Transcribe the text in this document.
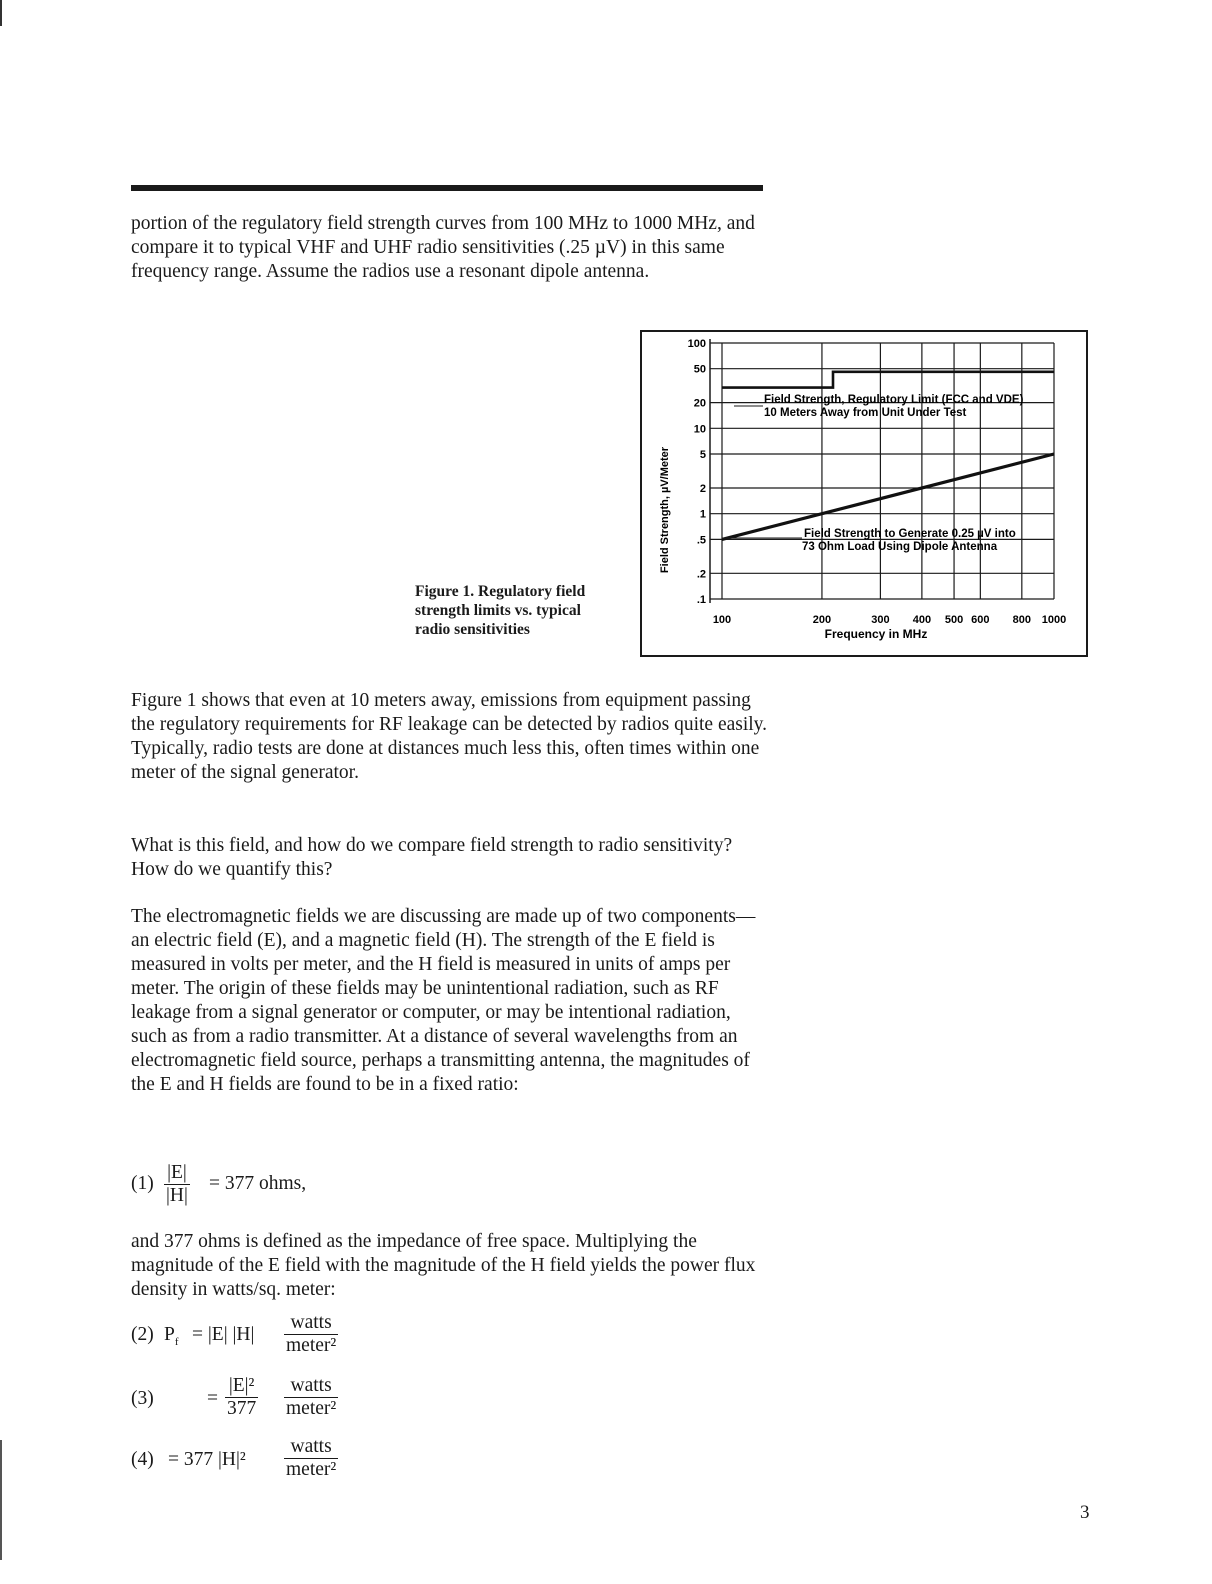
portion of the regulatory field strength curves from 100 MHz to 1000 MHz, and compare it to typical VHF and UHF radio sensitivities (.25 µV) in this same frequency range. Assume the radios use a resonant dipole antenna.

Figure 1. Regulatory field strength limits vs. typical radio sensitivities
100
50
20
10
5
2
1
.5
.2
.1
100	200	300 400 500 600 800 1000
Field Strength, µV/Meter
Frequency in MHz
Field Strength, Regulatory Limit (FCC and VDE)
10 Meters Away from Unit Under Test
Field Strength to Generate 0.25 µV into
73 Ohm Load Using Dipole Antenna

Figure 1 shows that even at 10 meters away, emissions from equipment passing the regulatory requirements for RF leakage can be detected by radios quite easily. Typically, radio tests are done at distances much less this, often times within one meter of the signal generator.

What is this field, and how do we compare field strength to radio sensitivity? How do we quantify this?

The electromagnetic fields we are discussing are made up of two components—an electric field (E), and a magnetic field (H). The strength of the E field is measured in volts per meter, and the H field is measured in units of amps per meter. The origin of these fields may be unintentional radiation, such as RF leakage from a signal generator or computer, or may be intentional radiation, such as from a radio transmitter. At a distance of several wavelengths from an electromagnetic field source, perhaps a transmitting antenna, the magnitudes of the E and H fields are found to be in a fixed ratio:

$(1) \frac{|E|}{|H|} = 377$ ohms,

and 377 ohms is defined as the impedance of free space. Multiplying the magnitude of the E field with the magnitude of the H field yields the power flux density in watts/sq. meter:

(2) $P_f = |E|$ |H|
watts
meter²
(3)	= $\frac{\text{|E|²}}{377}$	watts
meter²
(4) = 377 |H|²
watts
meter²
3
